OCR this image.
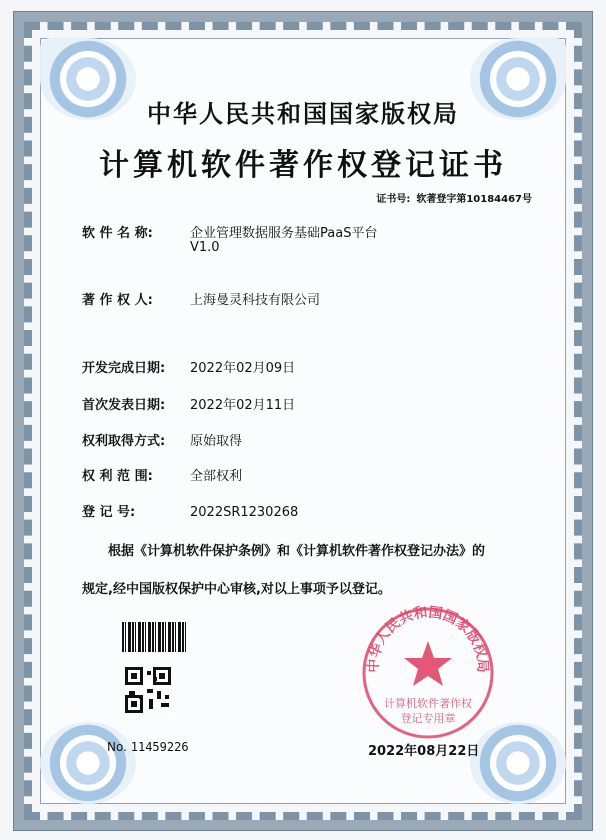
中华人民共和国国家版权局
计算机软件著作权登记证书
证书号: 软著登字第10184467号
软 件 名 称:	企业管理数据服务基础PaaS平台
V1.0
著 作 权 人:	上海曼灵科技有限公司
开发完成日期: 2022年02月09日
首次发表日期: 2022年02月11日
权利取得方式: 原始取得
权 利 范 围:	全部权利
登 记 号:	2022SR1230268
根据《计算机软件保护条例》和《计算机软件著作权登记办法》的
规定,经中国版权保护中心审核,对以上事项予以登记。
No. 11459226
中华人民共和国国家版权局
计算机软件著作权
登记专用章
2022年08月22日
